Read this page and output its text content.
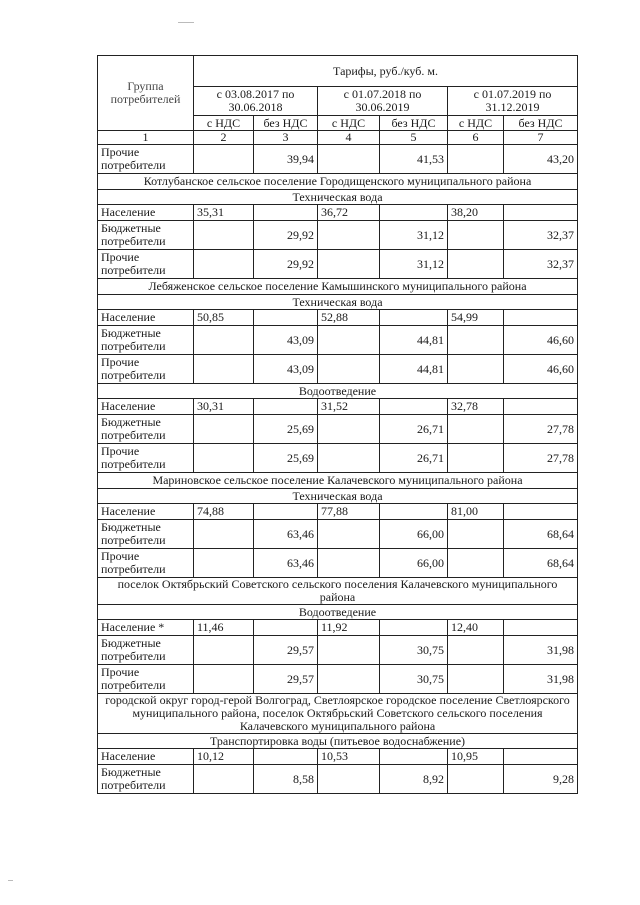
Группа потребителей	Тарифы, руб./куб. м.					
	с 03.08.2017 по 30.06.2018		с 01.07.2018 по 30.06.2019		с 01.07.2019 по 31.12.2019	
	с НДС	без НДС	с НДС	без НДС	с НДС	без НДС
1	2	3	4	5	6	7
Прочие потребители		39,94		41,53		43,20
Котлубанское сельское поселение Городищенского муниципального района						
Техническая вода						
Население	35,31		36,72		38,20	
Бюджетные потребители		29,92		31,12		32,37
Прочие потребители		29,92		31,12		32,37
Лебяженское сельское поселение Камышинского муниципального района						
Техническая вода						
Население	50,85		52,88		54,99	
Бюджетные потребители		43,09		44,81		46,60
Прочие потребители		43,09		44,81		46,60
Водоотведение						
Население	30,31		31,52		32,78	
Бюджетные потребители		25,69		26,71		27,78
Прочие потребители		25,69		26,71		27,78
Мариновское сельское поселение Калачевского муниципального района						
Техническая вода						
Население	74,88		77,88		81,00	
Бюджетные потребители		63,46		66,00		68,64
Прочие потребители		63,46		66,00		68,64
поселок Октябрьский Советского сельского поселения Калачевского муниципального района						
Водоотведение						
Население *	11,46		11,92		12,40	
Бюджетные потребители		29,57		30,75		31,98
Прочие потребители		29,57		30,75		31,98
городской округ город-герой Волгоград, Светлоярское городское поселение Светлоярского муниципального района, поселок Октябрьский Советского сельского поселения Калачевского муниципального района						
Транспортировка воды (питьевое водоснабжение)						
Население	10,12		10,53		10,95	
Бюджетные потребители		8,58		8,92		9,28
